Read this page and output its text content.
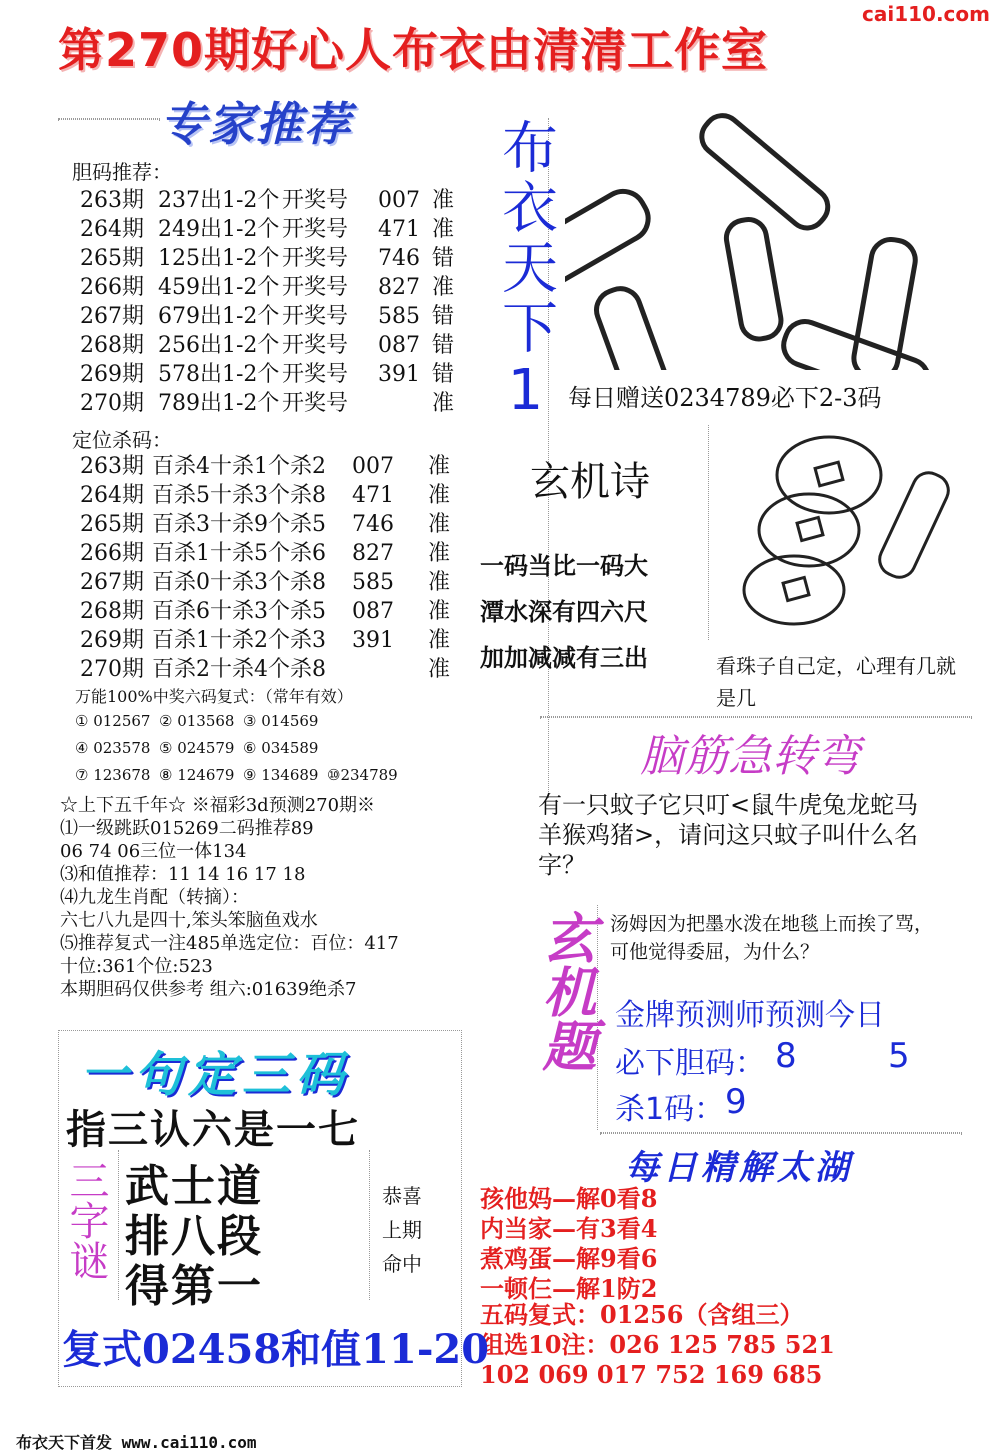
cai110.com
第270期好心人布衣由清清工作室
专家推荐
胆码推荐：
263期 237出1-2个 开奖号 007 准
264期 249出1-2个 开奖号 471 准
265期 125出1-2个 开奖号 746 错
266期 459出1-2个 开奖号 827 准
267期 679出1-2个 开奖号 585 错
268期 256出1-2个 开奖号 087 错
269期 578出1-2个 开奖号 391 错
270期 789出1-2个 开奖号	准
定位杀码：
263期 百杀4十杀1个杀2 007 准
264期 百杀5十杀3个杀8 471 准
265期 百杀3十杀9个杀5 746 准
266期 百杀1十杀5个杀6 827 准
267期 百杀0十杀3个杀8 585 准
268期 百杀6十杀3个杀5 087 准
269期 百杀1十杀2个杀3 391 准
270期 百杀2十杀4个杀8	准
万能100%中奖六码复式：（常年有效）
① 012567 ② 013568 ③ 014569
④ 023578 ⑤ 024579 ⑥ 034589
⑦ 123678 ⑧ 124679 ⑨ 134689 ⑩234789
☆上下五千年☆ ※福彩3d预测270期※
⑴一级跳跃015269二码推荐89
06 74 06三位一体134
⑶和值推荐：11 14 16 17 18
⑷九龙生肖配（转摘）：
六七八九是四十,笨头笨脑鱼戏水
⑸推荐复式一注485单选定位：百位：417
十位:361个位:523
本期胆码仅供参考 组六:01639绝杀7
布衣天下1 每日赠送0234789必下2-3码
玄机诗
一码当比一码大
潭水深有四六尺
加加减减有三出	看珠子自己定，心理有几就是几
脑筋急转弯
有一只蚊子它只叮<鼠牛虎兔龙蛇马羊猴鸡猪>，请问这只蚊子叫什么名字？
玄机题 汤姆因为把墨水泼在地毯上而挨了骂，可他觉得委屈，为什么？
金牌预测师预测今日
必下胆码： 8	5
杀1码： 9
每日精解太湖
孩他妈—解0看8
内当家—有3看4
煮鸡蛋—解9看6
一顿仨—解1防2
五码复式：01256（含组三）
组选10注：026 125 785 521
102 069 017 752 169 685
一句定三码
指三认六是一七
三字谜 武士道
排八段
得第一
恭喜
上期
命中
复式02458和值11-20
布衣天下首发 www.cai110.com
